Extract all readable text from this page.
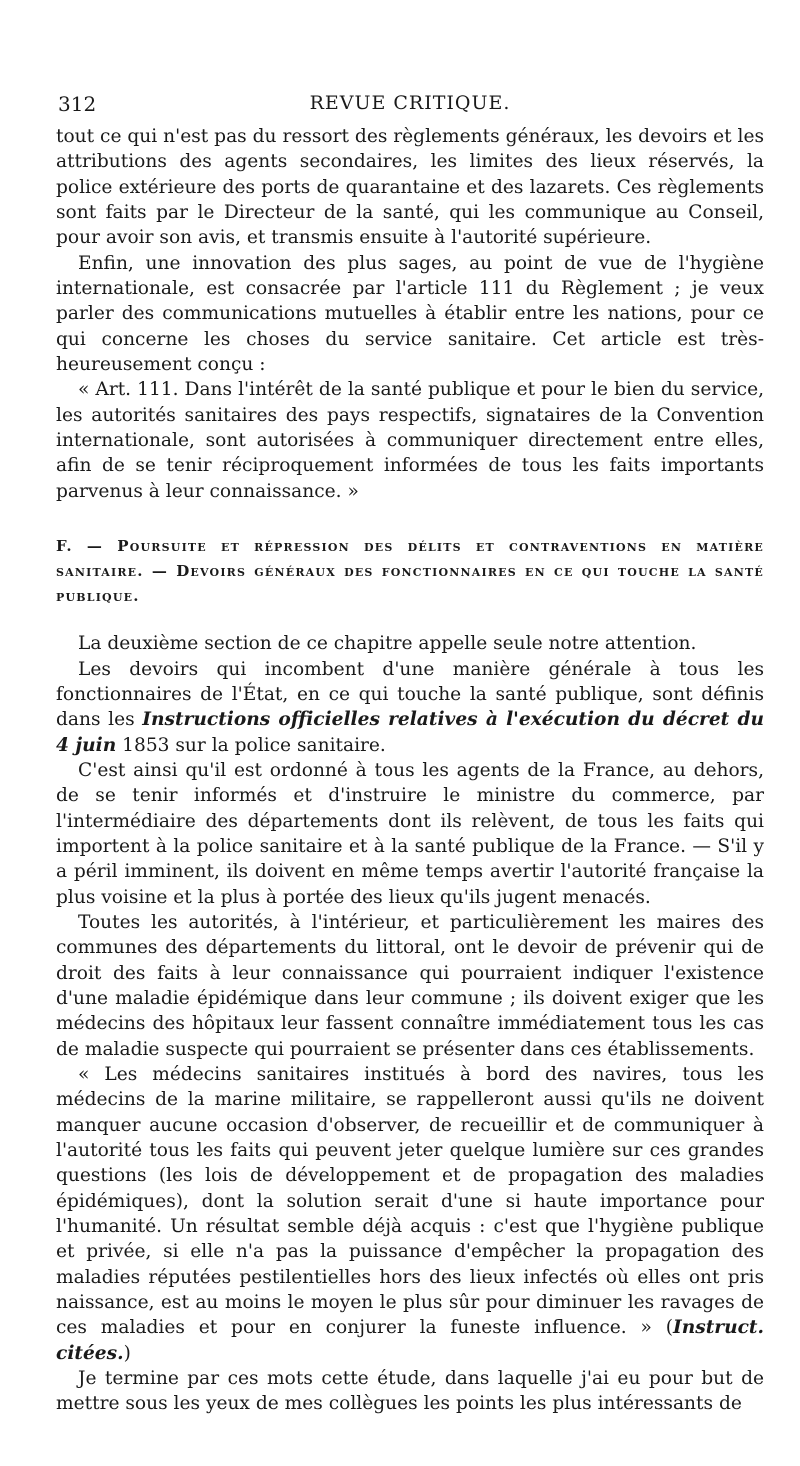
312	REVUE CRITIQUE.

tout ce qui n'est pas du ressort des règlements généraux, les devoirs et les attributions des agents secondaires, les limites des lieux réservés, la police extérieure des ports de quarantaine et des lazarets. Ces règlements sont faits par le Directeur de la santé, qui les communique au Conseil, pour avoir son avis, et transmis ensuite à l'autorité supérieure.

Enfin, une innovation des plus sages, au point de vue de l'hygiène internationale, est consacrée par l'article 111 du Règlement ; je veux parler des communications mutuelles à établir entre les nations, pour ce qui concerne les choses du service sanitaire. Cet article est très-heureusement conçu :

« Art. 111. Dans l'intérêt de la santé publique et pour le bien du service, les autorités sanitaires des pays respectifs, signataires de la Convention internationale, sont autorisées à communiquer directement entre elles, afin de se tenir réciproquement informées de tous les faits importants parvenus à leur connaissance. »

F. — Poursuite et répression des délits et contraventions en matière sanitaire. — Devoirs généraux des fonctionnaires en ce qui touche la santé publique.

La deuxième section de ce chapitre appelle seule notre attention.

Les devoirs qui incombent d'une manière générale à tous les fonctionnaires de l'État, en ce qui touche la santé publique, sont définis dans les Instructions officielles relatives à l'exécution du décret du 4 juin 1853 sur la police sanitaire.

C'est ainsi qu'il est ordonné à tous les agents de la France, au dehors, de se tenir informés et d'instruire le ministre du commerce, par l'intermédiaire des départements dont ils relèvent, de tous les faits qui importent à la police sanitaire et à la santé publique de la France. — S'il y a péril imminent, ils doivent en même temps avertir l'autorité française la plus voisine et la plus à portée des lieux qu'ils jugent menacés.

Toutes les autorités, à l'intérieur, et particulièrement les maires des communes des départements du littoral, ont le devoir de prévenir qui de droit des faits à leur connaissance qui pourraient indiquer l'existence d'une maladie épidémique dans leur commune ; ils doivent exiger que les médecins des hôpitaux leur fassent connaître immédiatement tous les cas de maladie suspecte qui pourraient se présenter dans ces établissements.

« Les médecins sanitaires institués à bord des navires, tous les médecins de la marine militaire, se rappelleront aussi qu'ils ne doivent manquer aucune occasion d'observer, de recueillir et de communiquer à l'autorité tous les faits qui peuvent jeter quelque lumière sur ces grandes questions (les lois de développement et de propagation des maladies épidémiques), dont la solution serait d'une si haute importance pour l'humanité. Un résultat semble déjà acquis : c'est que l'hygiène publique et privée, si elle n'a pas la puissance d'empêcher la propagation des maladies réputées pestilentielles hors des lieux infectés où elles ont pris naissance, est au moins le moyen le plus sûr pour diminuer les ravages de ces maladies et pour en conjurer la funeste influence. » (Instruct. citées.)

Je termine par ces mots cette étude, dans laquelle j'ai eu pour but de mettre sous les yeux de mes collègues les points les plus intéressants de
